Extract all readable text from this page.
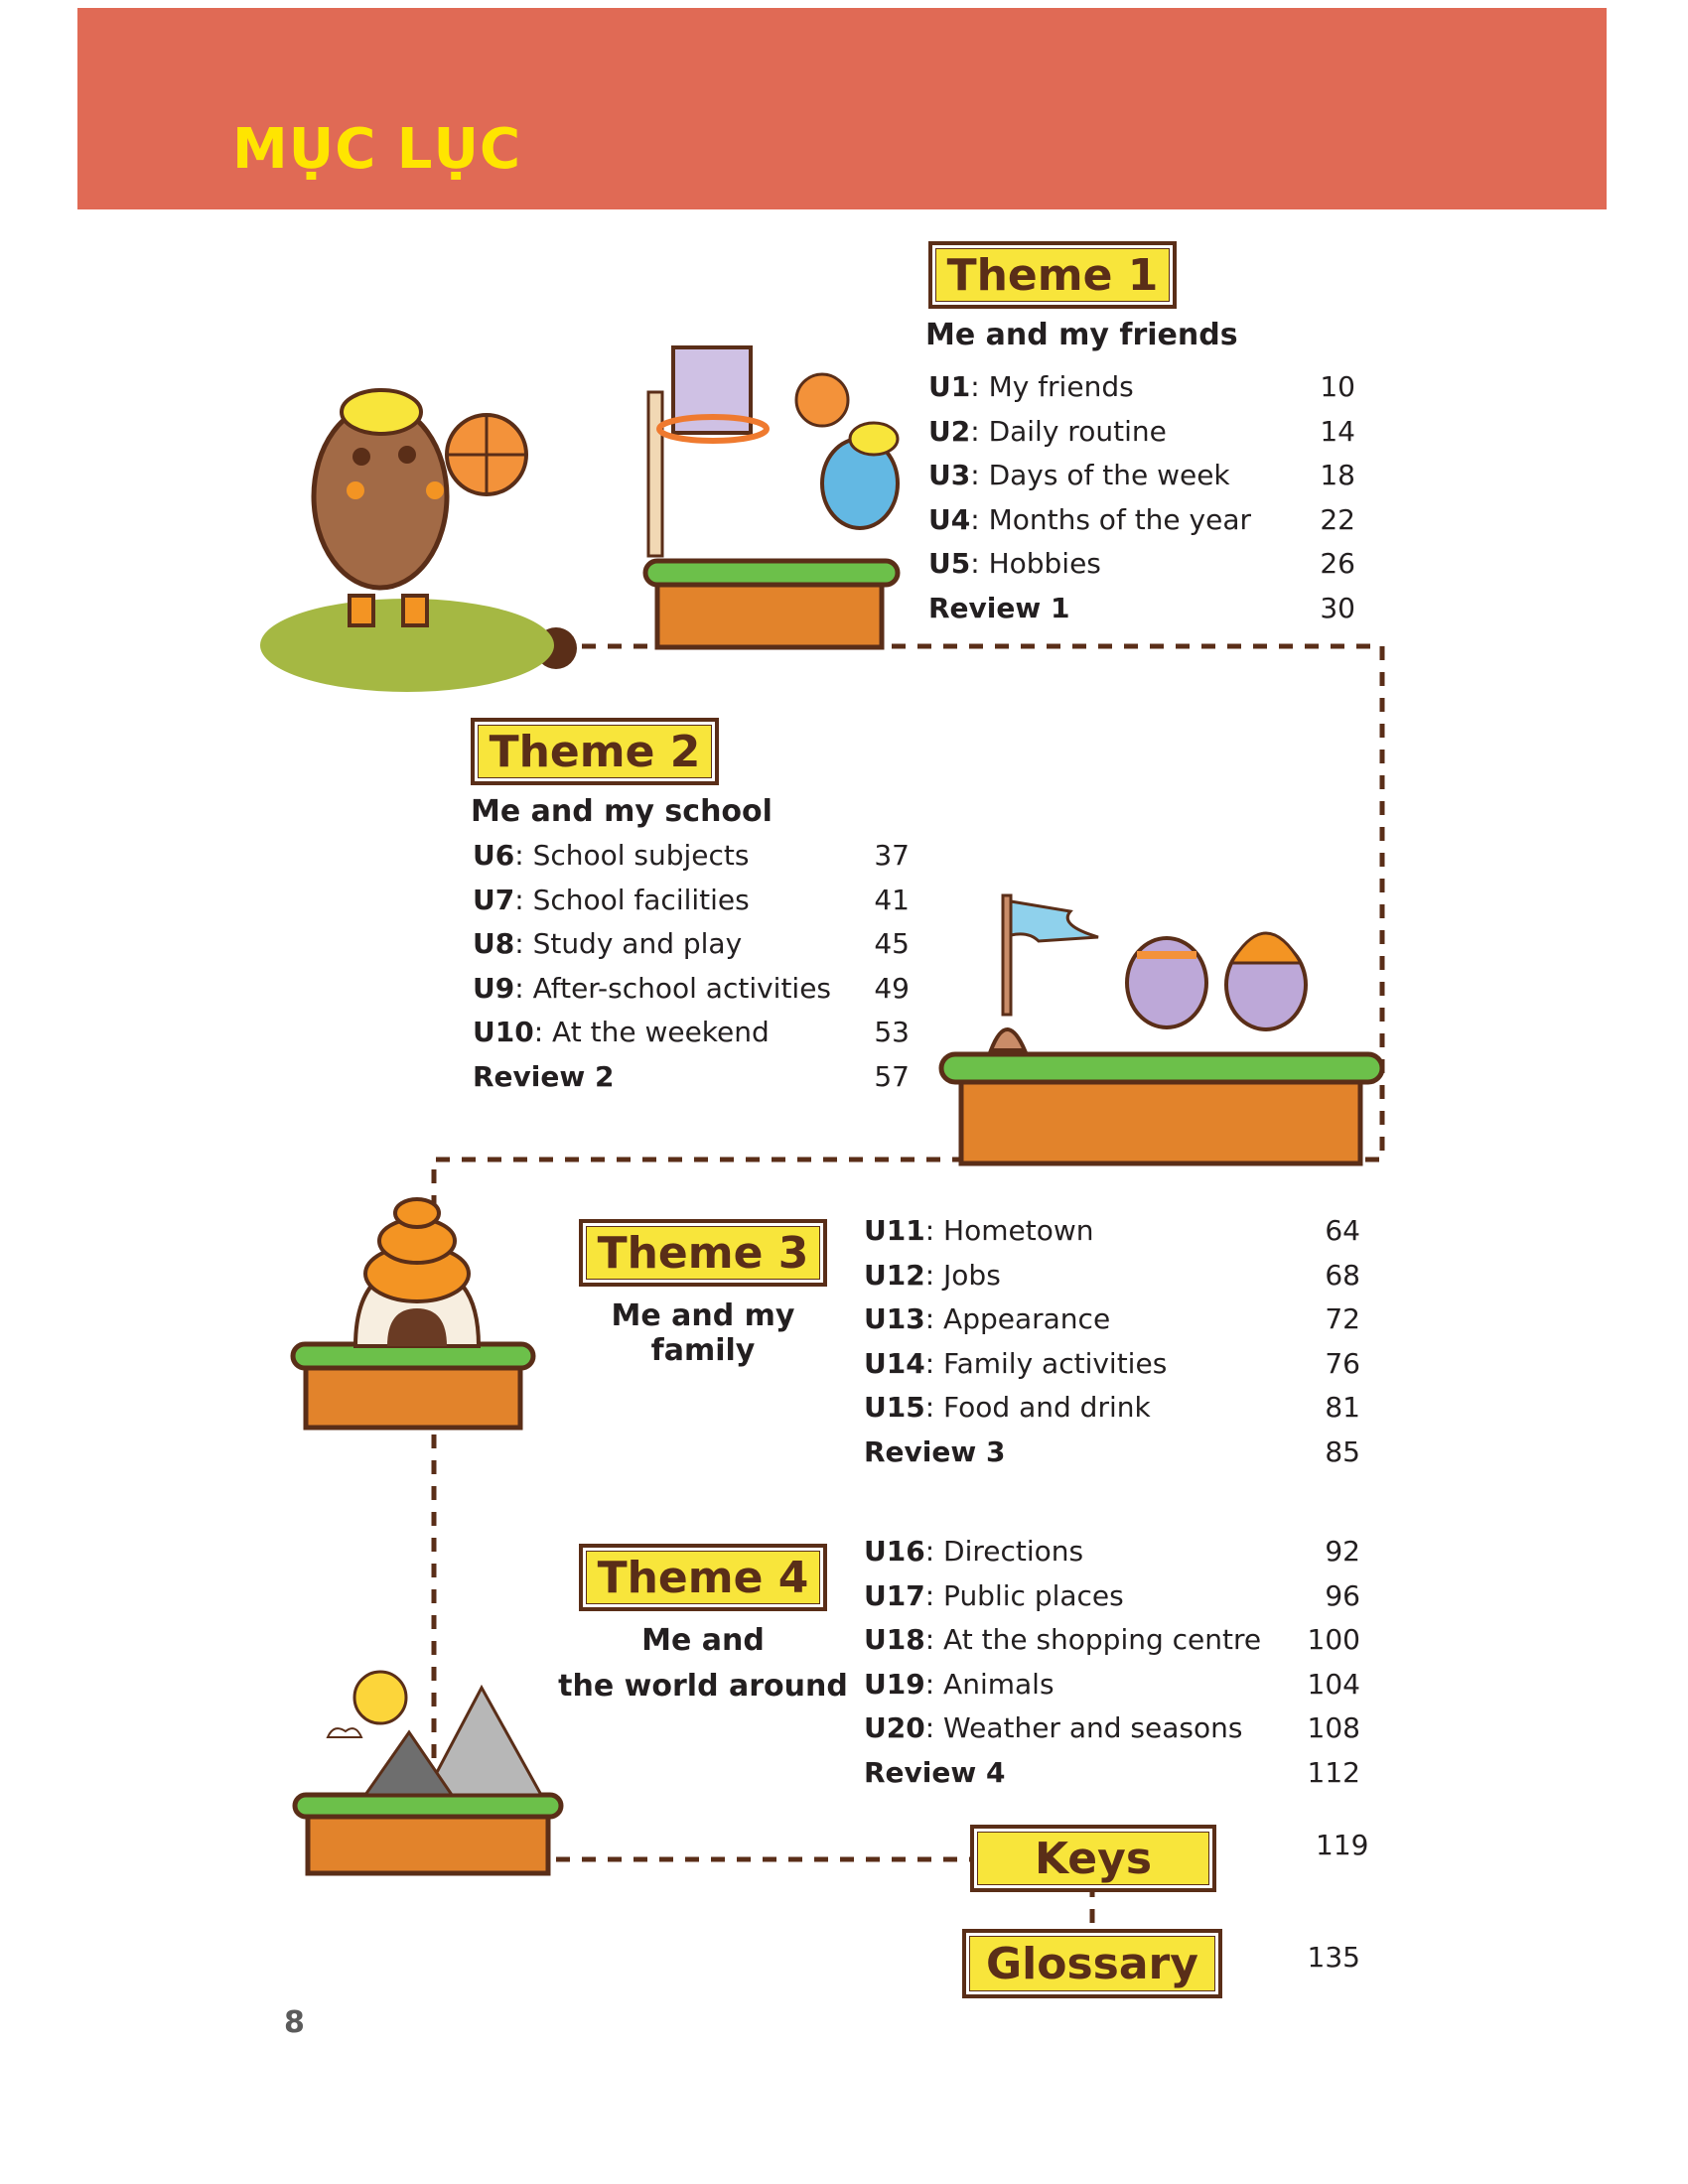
MỤC LỤC
Theme 1
Me and my friends
U1: My friends	10
U2: Daily routine	14
U3: Days of the week	18
U4: Months of the year 22
U5: Hobbies	26
Review 1	30
Theme 2
Me and my school
U6: School subjects	37
U7: School facilities	41
U8: Study and play	45
U9: After-school activities 49
U10: At the weekend	53
Review 2	57
Theme 3
Me and my family
U11: Hometown	64
U12: Jobs	68
U13: Appearance	72
U14: Family activities	76
U15: Food and drink	81
Review 3	85
Theme 4
Me and
the world around
U16: Directions	92
U17: Public places	96
U18: At the shopping centre 100
U19: Animals	104
U20: Weather and seasons 108
Review 4	112
Keys	119
Glossary	135
8
